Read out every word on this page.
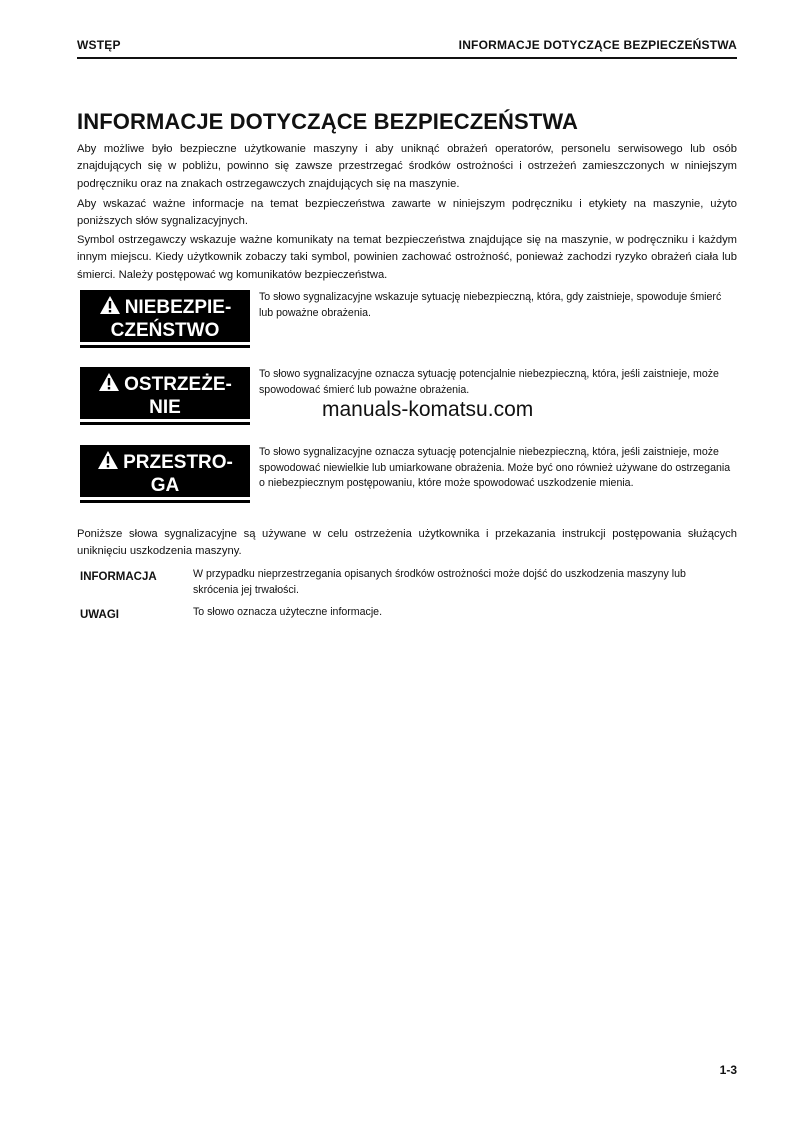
WSTĘP	INFORMACJE DOTYCZĄCE BEZPIECZEŃSTWA
INFORMACJE DOTYCZĄCE BEZPIECZEŃSTWA

Aby możliwe było bezpieczne użytkowanie maszyny i aby uniknąć obrażeń operatorów, personelu serwisowego lub osób znajdujących się w pobliżu, powinno się zawsze przestrzegać środków ostrożności i ostrzeżeń zamieszczonych w niniejszym podręczniku oraz na znakach ostrzegawczych znajdujących się na maszynie.

Aby wskazać ważne informacje na temat bezpieczeństwa zawarte w niniejszym podręczniku i etykiety na maszynie, użyto poniższych słów sygnalizacyjnych.

Symbol ostrzegawczy wskazuje ważne komunikaty na temat bezpieczeństwa znajdujące się na maszynie, w podręczniku i każdym innym miejscu. Kiedy użytkownik zobaczy taki symbol, powinien zachować ostrożność, ponieważ zachodzi ryzyko obrażeń ciała lub śmierci. Należy postępować wg komunikatów bezpieczeństwa.

NIEBEZPIE-
CZEŃSTWO

To słowo sygnalizacyjne wskazuje sytuację niebezpieczną, która, gdy zaistnieje, spowoduje śmierć lub poważne obrażenia.

OSTRZEŻE-
NIE

To słowo sygnalizacyjne oznacza sytuację potencjalnie niebezpieczną, która, jeśli zaistnieje, może spowodować śmierć lub poważne obrażenia.

manuals-komatsu.com
PRZESTRO-
GA

To słowo sygnalizacyjne oznacza sytuację potencjalnie niebezpieczną, która, jeśli zaistnieje, może spowodować niewielkie lub umiarkowane obrażenia. Może być ono również używane do ostrzegania o niebezpiecznym postępowaniu, które może spowodować uszkodzenie mienia.

Poniższe słowa sygnalizacyjne są używane w celu ostrzeżenia użytkownika i przekazania instrukcji postępowania służących uniknięciu uszkodzenia maszyny.

INFORMACJA	W przypadku nieprzestrzegania opisanych środków ostrożności może dojść do uszkodzenia maszyny lub skrócenia jej trwałości.

UWAGI	To słowo oznacza użyteczne informacje.

1-3
